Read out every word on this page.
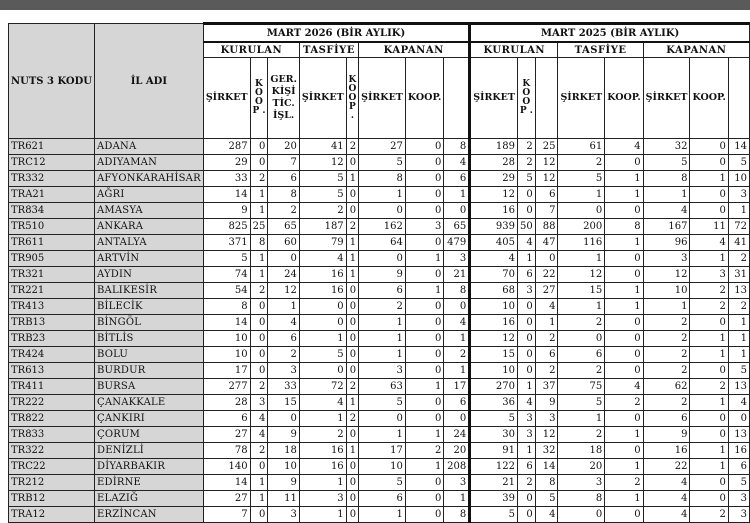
NUTS 3 KODU	İL ADI	MART 2026 (BİR AYLIK)								MART 2025 (BİR AYLIK)							
		KURULAN			TASFİYE		KAPANAN			KURULAN			TASFİYE		KAPANAN		
		ŞİRKET	K O O P .	GER. KİŞİ TİC. İŞL.	ŞİRKET	K O O P .	ŞİRKET	KOOP.		ŞİRKET	K O O P .		ŞİRKET	KOOP.	ŞİRKET	KOOP.	
TR621	ADANA	287	0	20	41	2	27	0	8	189	2	25	61	4	32	0	14
TRC12	ADIYAMAN	29	0	7	12	0	5	0	4	28	2	12	2	0	5	0	5
TR332	AFYONKARAHİSAR	33	2	6	5	1	8	0	6	29	5	12	5	1	8	1	10
TRA21	AĞRI	14	1	8	5	0	1	0	1	12	0	6	1	1	1	0	3
TR834	AMASYA	9	1	2	2	0	0	0	0	16	0	7	0	0	4	0	1
TR510	ANKARA	825	25	65	187	2	162	3	65	939	50	88	200	8	167	11	72
TR611	ANTALYA	371	8	60	79	1	64	0	479	405	4	47	116	1	96	4	41
TR905	ARTVİN	5	1	0	4	1	0	1	3	4	1	0	1	0	3	1	2
TR321	AYDIN	74	1	24	16	1	9	0	21	70	6	22	12	0	12	3	31
TR221	BALIKESİR	54	2	12	16	0	6	1	8	68	3	27	15	1	10	2	13
TR413	BİLECİK	8	0	1	0	0	2	0	0	10	0	4	1	1	1	2	2
TRB13	BİNGÖL	14	0	4	0	0	1	0	4	16	0	1	2	0	2	0	1
TRB23	BİTLİS	10	0	6	1	0	1	0	1	12	0	2	0	0	2	1	1
TR424	BOLU	10	0	2	5	0	1	0	2	15	0	6	6	0	2	1	1
TR613	BURDUR	17	0	3	0	0	3	0	1	10	0	2	2	0	2	0	5
TR411	BURSA	277	2	33	72	2	63	1	17	270	1	37	75	4	62	2	13
TR222	ÇANAKKALE	28	3	15	4	1	5	0	6	36	4	9	5	2	2	1	4
TR822	ÇANKIRI	6	4	0	1	2	0	0	0	5	3	3	1	0	6	0	0
TR833	ÇORUM	27	4	9	2	0	1	1	24	30	3	12	2	1	9	0	13
TR322	DENİZLİ	78	2	18	16	1	17	2	20	91	1	32	18	0	16	1	16
TRC22	DİYARBAKIR	140	0	10	16	0	10	1	208	122	6	14	20	1	22	1	6
TR212	EDİRNE	14	1	9	1	0	5	0	3	21	2	8	3	2	4	0	5
TRB12	ELAZIĞ	27	1	11	3	0	6	0	1	39	0	5	8	1	4	0	3
TRA12	ERZİNCAN	7	0	3	1	0	1	0	8	5	0	4	0	0	4	2	3
